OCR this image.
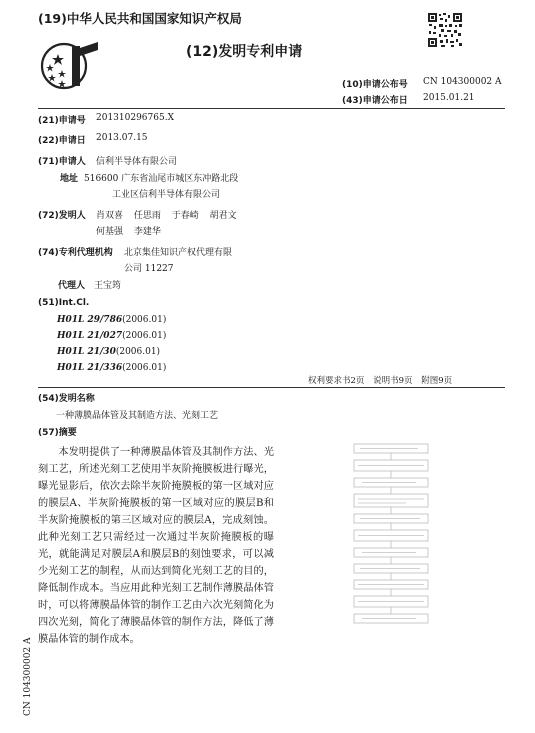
(19)中华人民共和国国家知识产权局
(12)发明专利申请
(10)申请公布号 CN 104300002 A
(43)申请公布日 2015.01.21
(21)申请号 201310296765.X
(22)申请日 2013.07.15
(71)申请人 信利半导体有限公司
地址 516600 广东省汕尾市城区东冲路北段
工业区信利半导体有限公司
(72)发明人 肖双喜 任思雨 于春崎 胡君文
何基强 李建华
(74)专利代理机构 北京集佳知识产权代理有限
公司 11227
代理人 王宝筠
(51)Int.Cl.
H01L 29/786(2006.01)
H01L 21/027(2006.01)
H01L 21/30(2006.01)
H01L 21/336(2006.01)
权利要求书2页 说明书9页 附图9页
(54)发明名称
一种薄膜晶体管及其制造方法、光刻工艺
(57)摘要
本发明提供了一种薄膜晶体管及其制作方法、光刻工艺，所述光刻工艺使用半灰阶掩膜板进行曝光，曝光显影后，依次去除半灰阶掩膜板的第一区域对应的膜层A、半灰阶掩膜板的第一区域对应的膜层B和半灰阶掩膜板的第三区域对应的膜层A，完成刻蚀。此种光刻工艺只需经过一次通过半灰阶掩膜板的曝光，就能满足对膜层A和膜层B的刻蚀要求，可以减少光刻工艺的制程，从而达到简化光刻工艺的目的，降低制作成本。当应用此种光刻工艺制作薄膜晶体管时，可以将薄膜晶体管的制作工艺由六次光刻简化为四次光刻，简化了薄膜晶体管的制作方法，降低了薄膜晶体管的制作成本。
CN 104300002 A
